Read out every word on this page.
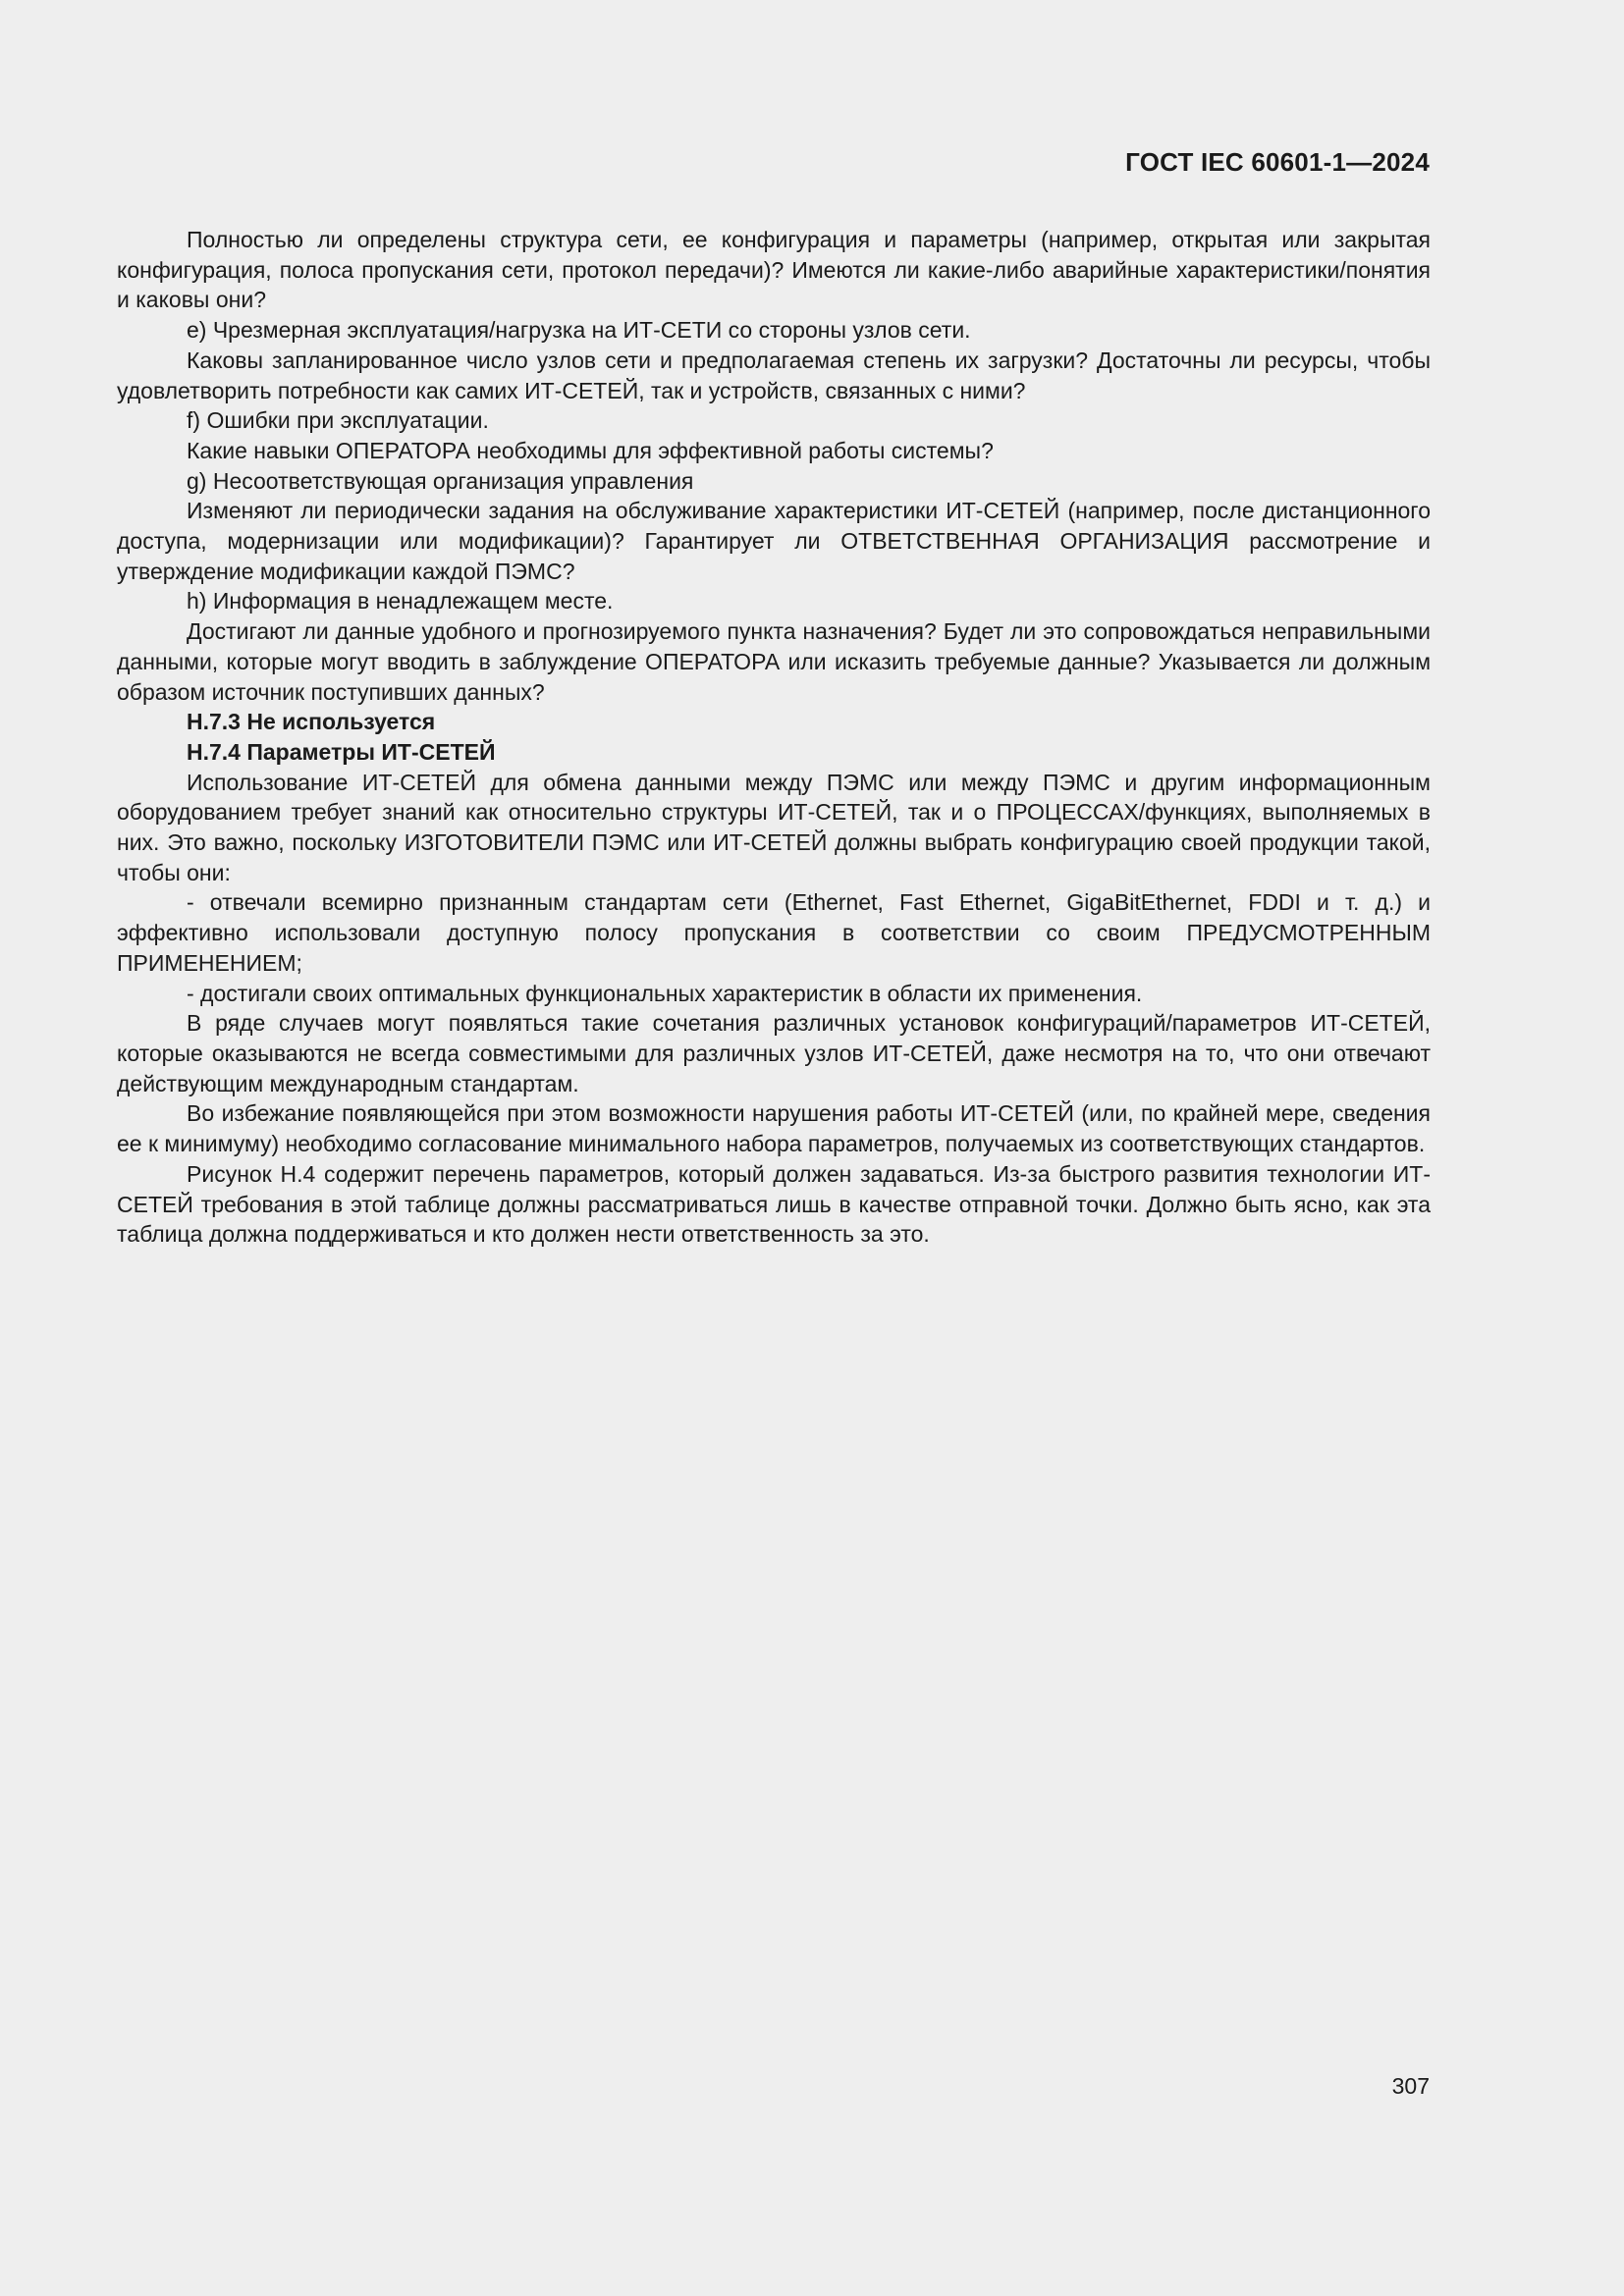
ГОСТ IEC 60601-1—2024

Полностью ли определены структура сети, ее конфигурация и параметры (например, открытая или закрытая конфигурация, полоса пропускания сети, протокол передачи)? Имеются ли какие-либо аварийные характеристики/понятия и каковы они?

e) Чрезмерная эксплуатация/нагрузка на ИТ-СЕТИ со стороны узлов сети.

Каковы запланированное число узлов сети и предполагаемая степень их загрузки? Достаточны ли ресурсы, чтобы удовлетворить потребности как самих ИТ-СЕТЕЙ, так и устройств, связанных с ними?

f) Ошибки при эксплуатации.

Какие навыки ОПЕРАТОРА необходимы для эффективной работы системы?

g) Несоответствующая организация управления

Изменяют ли периодически задания на обслуживание характеристики ИТ-СЕТЕЙ (например, после дистанционного доступа, модернизации или модификации)? Гарантирует ли ОТВЕТСТВЕННАЯ ОРГАНИЗАЦИЯ рассмотрение и утверждение модификации каждой ПЭМС?

h) Информация в ненадлежащем месте.

Достигают ли данные удобного и прогнозируемого пункта назначения? Будет ли это сопровождаться неправильными данными, которые могут вводить в заблуждение ОПЕРАТОРА или исказить требуемые данные? Указывается ли должным образом источник поступивших данных?

H.7.3 Не используется

H.7.4 Параметры ИТ-СЕТЕЙ

Использование ИТ-СЕТЕЙ для обмена данными между ПЭМС или между ПЭМС и другим информационным оборудованием требует знаний как относительно структуры ИТ-СЕТЕЙ, так и о ПРОЦЕССАХ/функциях, выполняемых в них. Это важно, поскольку ИЗГОТОВИТЕЛИ ПЭМС или ИТ-СЕТЕЙ должны выбрать конфигурацию своей продукции такой, чтобы они:

- отвечали всемирно признанным стандартам сети (Ethernet, Fast Ethernet, GigaBitEthernet, FDDI и т. д.) и эффективно использовали доступную полосу пропускания в соответствии со своим ПРЕДУСМОТРЕННЫМ ПРИМЕНЕНИЕМ;

- достигали своих оптимальных функциональных характеристик в области их применения.

В ряде случаев могут появляться такие сочетания различных установок конфигураций/параметров ИТ-СЕТЕЙ, которые оказываются не всегда совместимыми для различных узлов ИТ-СЕТЕЙ, даже несмотря на то, что они отвечают действующим международным стандартам.

Во избежание появляющейся при этом возможности нарушения работы ИТ-СЕТЕЙ (или, по крайней мере, сведения ее к минимуму) необходимо согласование минимального набора параметров, получаемых из соответствующих стандартов.

Рисунок H.4 содержит перечень параметров, который должен задаваться. Из-за быстрого развития технологии ИТ-СЕТЕЙ требования в этой таблице должны рассматриваться лишь в качестве отправной точки. Должно быть ясно, как эта таблица должна поддерживаться и кто должен нести ответственность за это.

307
